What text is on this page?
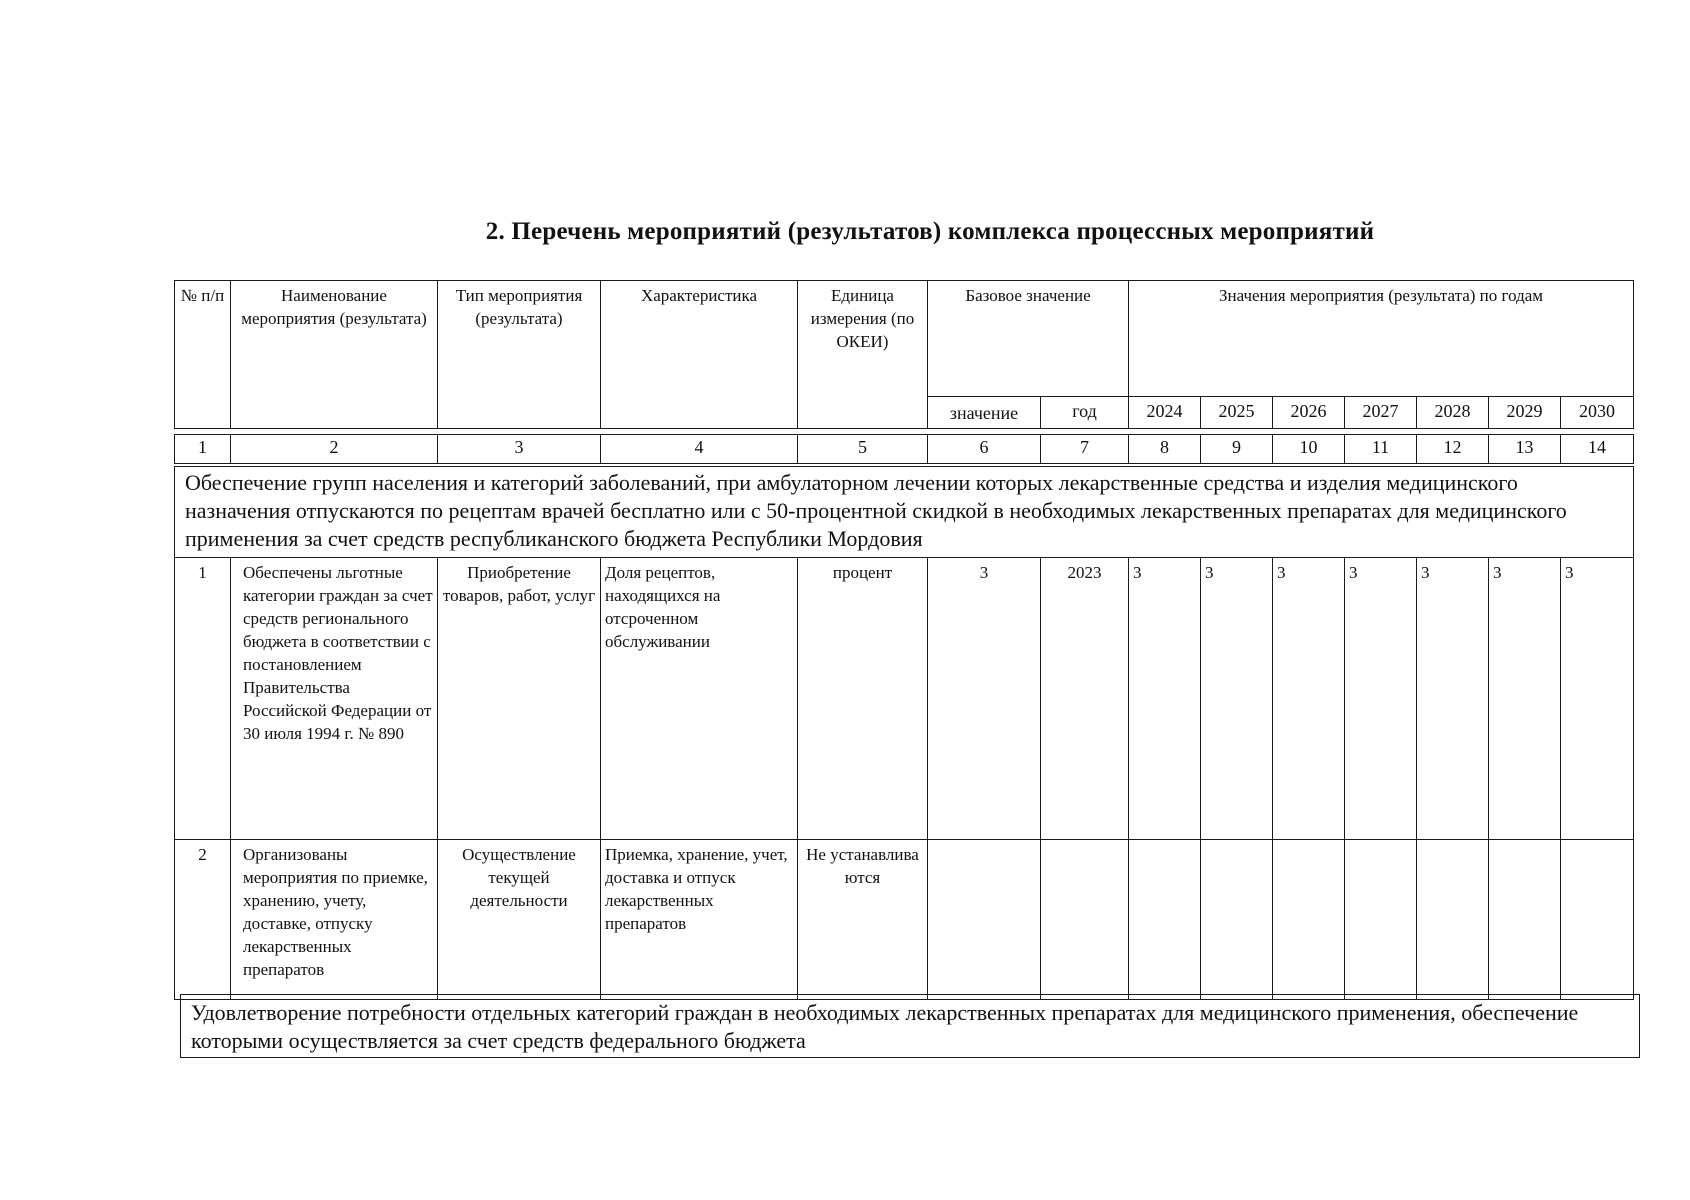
2. Перечень мероприятий (результатов) комплекса процессных мероприятий
№ п/п	Наименование мероприятия (результата)	Тип мероприятия (результата)	Характеристика	Единица измерения (по ОКЕИ)	Базовое значение		Значения мероприятия (результата) по годам						
					значение	год	2024	2025	2026	2027	2028	2029	2030
1	2	3	4	5	6	7	8	9	10	11	12	13	14
Обеспечение групп населения и категорий заболеваний, при амбулаторном лечении которых лекарственные средства и изделия медицинского назначения отпускаются по рецептам врачей бесплатно или с 50-процентной скидкой в необходимых лекарственных препаратах для медицинского применения за счет средств республиканского бюджета Республики Мордовия													
1	Обеспечены льготные категории граждан за счет средств регионального бюджета в соответствии с постановлением Правительства Российской Федерации от 30 июля 1994 г. № 890	Приобретение товаров, работ, услуг	Доля рецептов, находящихся на отсроченном обслуживании	процент	3	2023	3	3	3	3	3	3	3
2	Организованы мероприятия по приемке, хранению, учету, доставке, отпуску лекарственных препаратов	Осуществление текущей деятельности	Приемка, хранение, учет, доставка и отпуск лекарственных препаратов	Не устанавлива ются									
Удовлетворение потребности отдельных категорий граждан в необходимых лекарственных препаратах для медицинского применения, обеспечение которыми осуществляется за счет средств федерального бюджета
